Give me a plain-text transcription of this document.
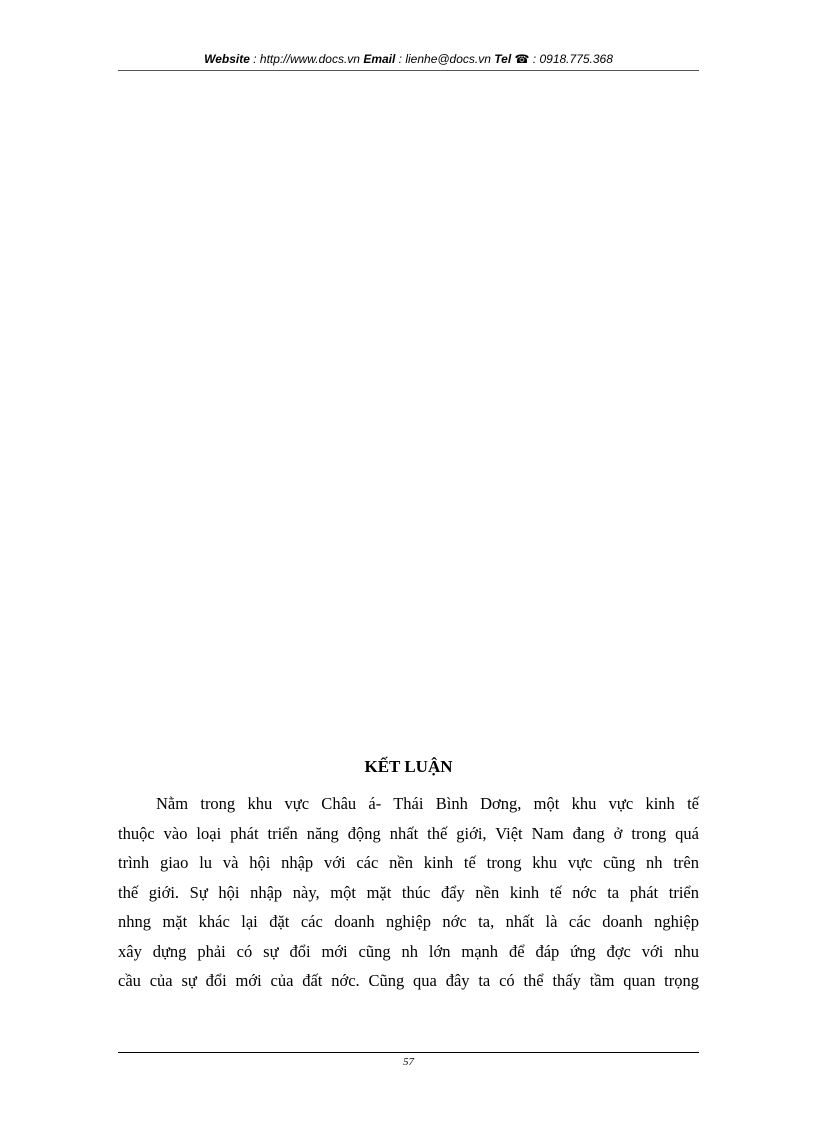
Website : http://www.docs.vn Email : lienhe@docs.vn Tel ☎ : 0918.775.368
KẾT LUẬN
Nằm trong khu vực Châu á- Thái Bình Dơng, một khu vực kinh tế
thuộc vào loại phát triển năng động nhất thế giới, Việt Nam đang ở trong quá
trình giao lu và hội nhập với các nền kinh tế trong khu vực cũng nh trên
thế giới. Sự hội nhập này, một mặt thúc đẩy nền kinh tế nớc ta phát triển
nhng mặt khác lại đặt các doanh nghiệp nớc ta, nhất là các doanh nghiệp
xây dựng phải có sự đổi mới cũng nh lớn mạnh để đáp ứng đợc với nhu
cầu của sự đổi mới của đất nớc. Cũng qua đây ta có thể thấy tầm quan trọng
57
